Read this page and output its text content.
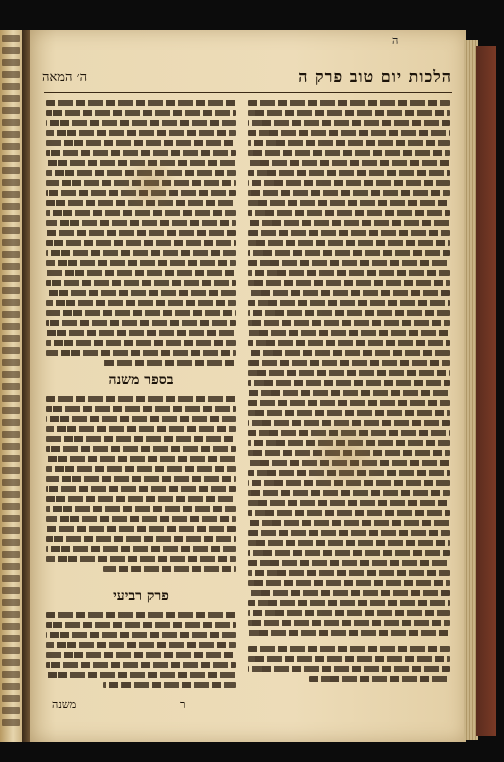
ה
הלכות יום טוב פרק ה
ה׳ המאה
בספר משנה
פרק רביעי
ר
משנה
